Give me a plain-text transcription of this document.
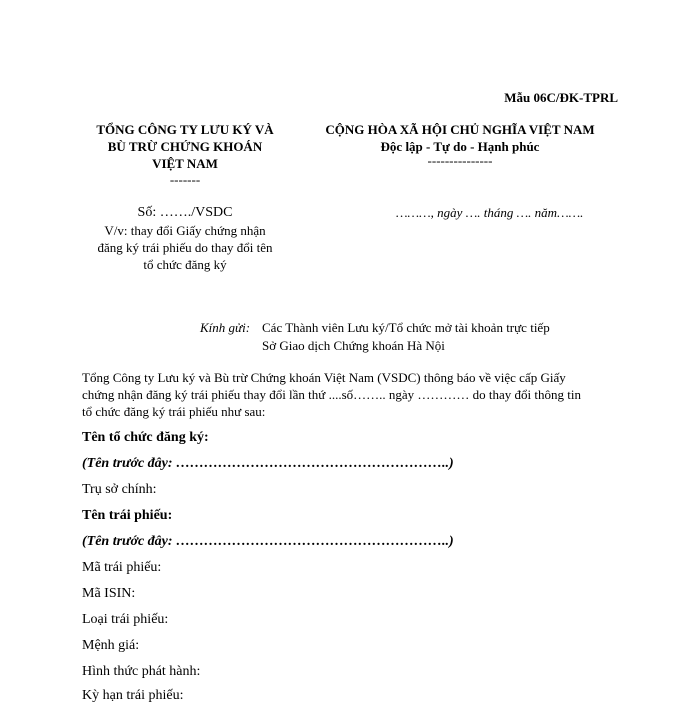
Mẫu 06C/ĐK-TPRL
TỔNG CÔNG TY LƯU KÝ VÀ
BÙ TRỪ CHỨNG KHOÁN
VIỆT NAM
-------
CỘNG HÒA XÃ HỘI CHỦ NGHĨA VIỆT NAM
Độc lập - Tự do - Hạnh phúc
---------------
Số: ……./VSDC
V/v: thay đổi Giấy chứng nhận
đăng ký trái phiếu do thay đổi tên
tổ chức đăng ký
………, ngày …. tháng …. năm…….
Kính gửi: Các Thành viên Lưu ký/Tổ chức mở tài khoản trực tiếp
Sở Giao dịch Chứng khoán Hà Nội
Tổng Công ty Lưu ký và Bù trừ Chứng khoán Việt Nam (VSDC) thông báo về việc cấp Giấy
chứng nhận đăng ký trái phiếu thay đổi lần thứ ....số…….. ngày ………… do thay đổi thông tin
tổ chức đăng ký trái phiếu như sau:
Tên tổ chức đăng ký:
(Tên trước đây: …………………………………………………..)
Trụ sở chính:
Tên trái phiếu:
(Tên trước đây: …………………………………………………..)
Mã trái phiếu:
Mã ISIN:
Loại trái phiếu:
Mệnh giá:
Hình thức phát hành:
Kỳ hạn trái phiếu:
